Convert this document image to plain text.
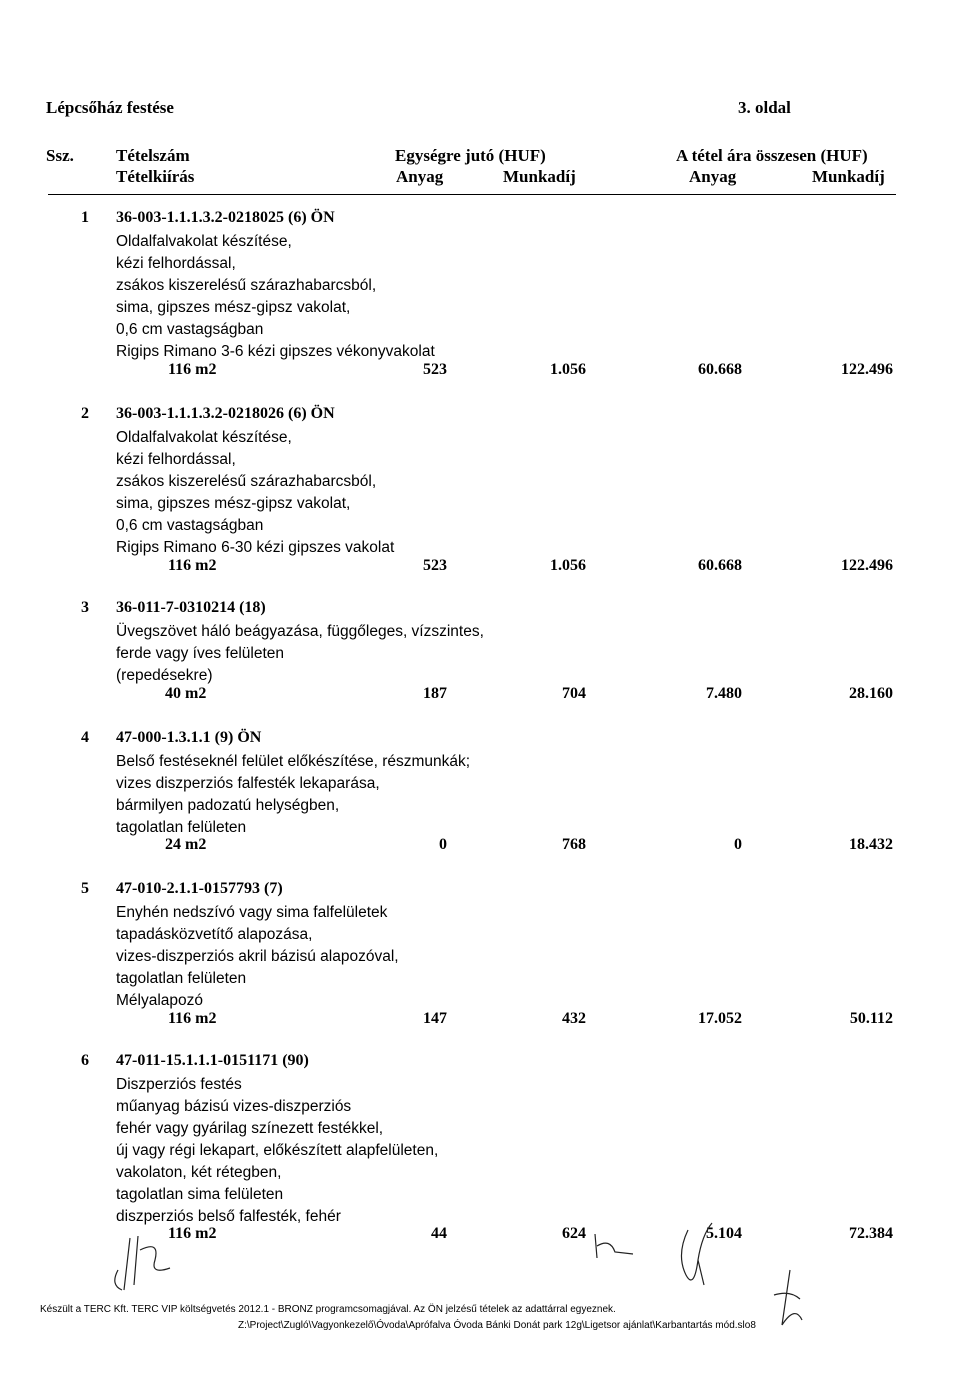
Lépcsőház festése	3. oldal
Ssz. Tételszám
Tételkiírás
Egységre jutó (HUF)
Anyag	Munkadíj
A tétel ára összesen (HUF)
Anyag	Munkadíj
1 36-003-1.1.1.3.2-0218025 (6) ÖN
Oldalfalvakolat készítése,
kézi felhordással,
zsákos kiszerelésű szárazhabarcsból,
sima, gipszes mész-gipsz vakolat,
0,6 cm vastagságban
Rigips Rimano 3-6 kézi gipszes vékonyvakolat
116 m2	523	1.056	60.668	122.496
2 36-003-1.1.1.3.2-0218026 (6) ÖN
Oldalfalvakolat készítése,
kézi felhordással,
zsákos kiszerelésű szárazhabarcsból,
sima, gipszes mész-gipsz vakolat,
0,6 cm vastagságban
Rigips Rimano 6-30 kézi gipszes vakolat
116 m2	523	1.056	60.668	122.496
3 36-011-7-0310214 (18)
Üvegszövet háló beágyazása, függőleges, vízszintes,
ferde vagy íves felületen
(repedésekre)
40 m2	187	704	7.480	28.160
4 47-000-1.3.1.1 (9) ÖN
Belső festéseknél felület előkészítése, részmunkák;
vizes diszperziós falfesték lekaparása,
bármilyen padozatú helységben,
tagolatlan felületen
24 m2	0	768	0	18.432
5 47-010-2.1.1-0157793 (7)
Enyhén nedszívó vagy sima falfelületek
tapadásközvetítő alapozása,
vizes-diszperziós akril bázisú alapozóval,
tagolatlan felületen
Mélyalapozó
116 m2	147	432	17.052	50.112
6 47-011-15.1.1.1-0151171 (90)
Diszperziós festés
műanyag bázisú vizes-diszperziós
fehér vagy gyárilag színezett festékkel,
új vagy régi lekapart, előkészített alapfelületen,
vakolaton, két rétegben,
tagolatlan sima felületen
diszperziós belső falfesték, fehér
116 m2	44	624	5.104	72.384
Készült a TERC Kft. TERC VIP költségvetés 2012.1 - BRONZ programcsomagjával. Az ÖN jelzésű tételek az adattárral egyeznek.
Z:\Project\Zugló\Vagyonkezelő\Óvoda\Aprófalva Óvoda Bánki Donát park 12g\Ligetsor ajánlat\Karbantartás mód.slo8
